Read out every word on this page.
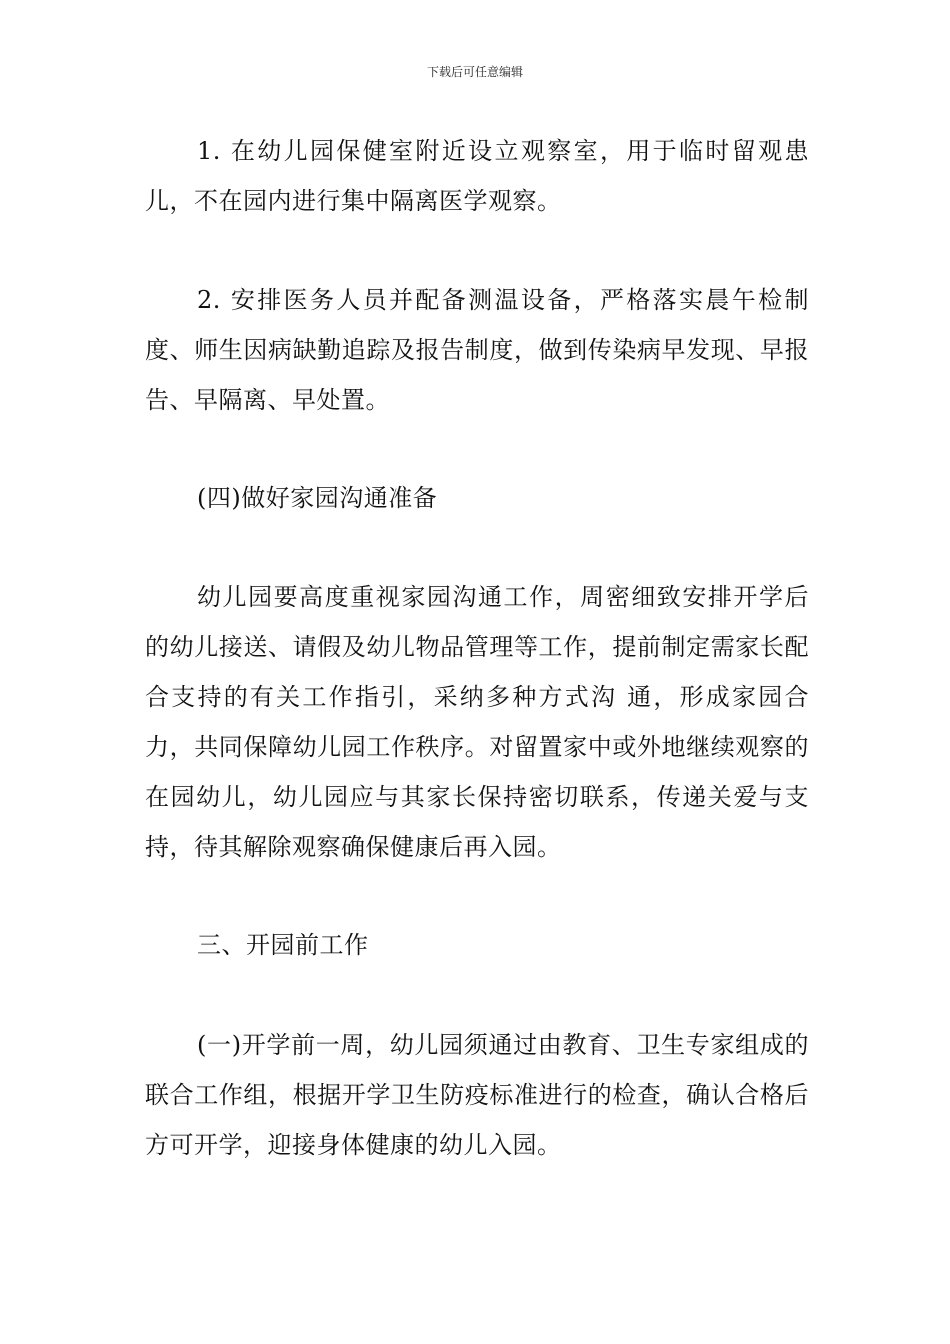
下载后可任意编辑

1. 在幼儿园保健室附近设立观察室，用于临时留观患儿，不在园内进行集中隔离医学观察。

2. 安排医务人员并配备测温设备，严格落实晨午检制度、师生因病缺勤追踪及报告制度，做到传染病早发现、早报告、早隔离、早处置。

(四)做好家园沟通准备

幼儿园要高度重视家园沟通工作，周密细致安排开学后的幼儿接送、请假及幼儿物品管理等工作，提前制定需家长配合支持的有关工作指引，采纳多种方式沟 通，形成家园合力，共同保障幼儿园工作秩序。对留置家中或外地继续观察的在园幼儿，幼儿园应与其家长保持密切联系，传递关爱与支持，待其解除观察确保健康后再入园。

三、开园前工作

(一)开学前一周，幼儿园须通过由教育、卫生专家组成的联合工作组，根据开学卫生防疫标准进行的检查，确认合格后方可开学，迎接身体健康的幼儿入园。
